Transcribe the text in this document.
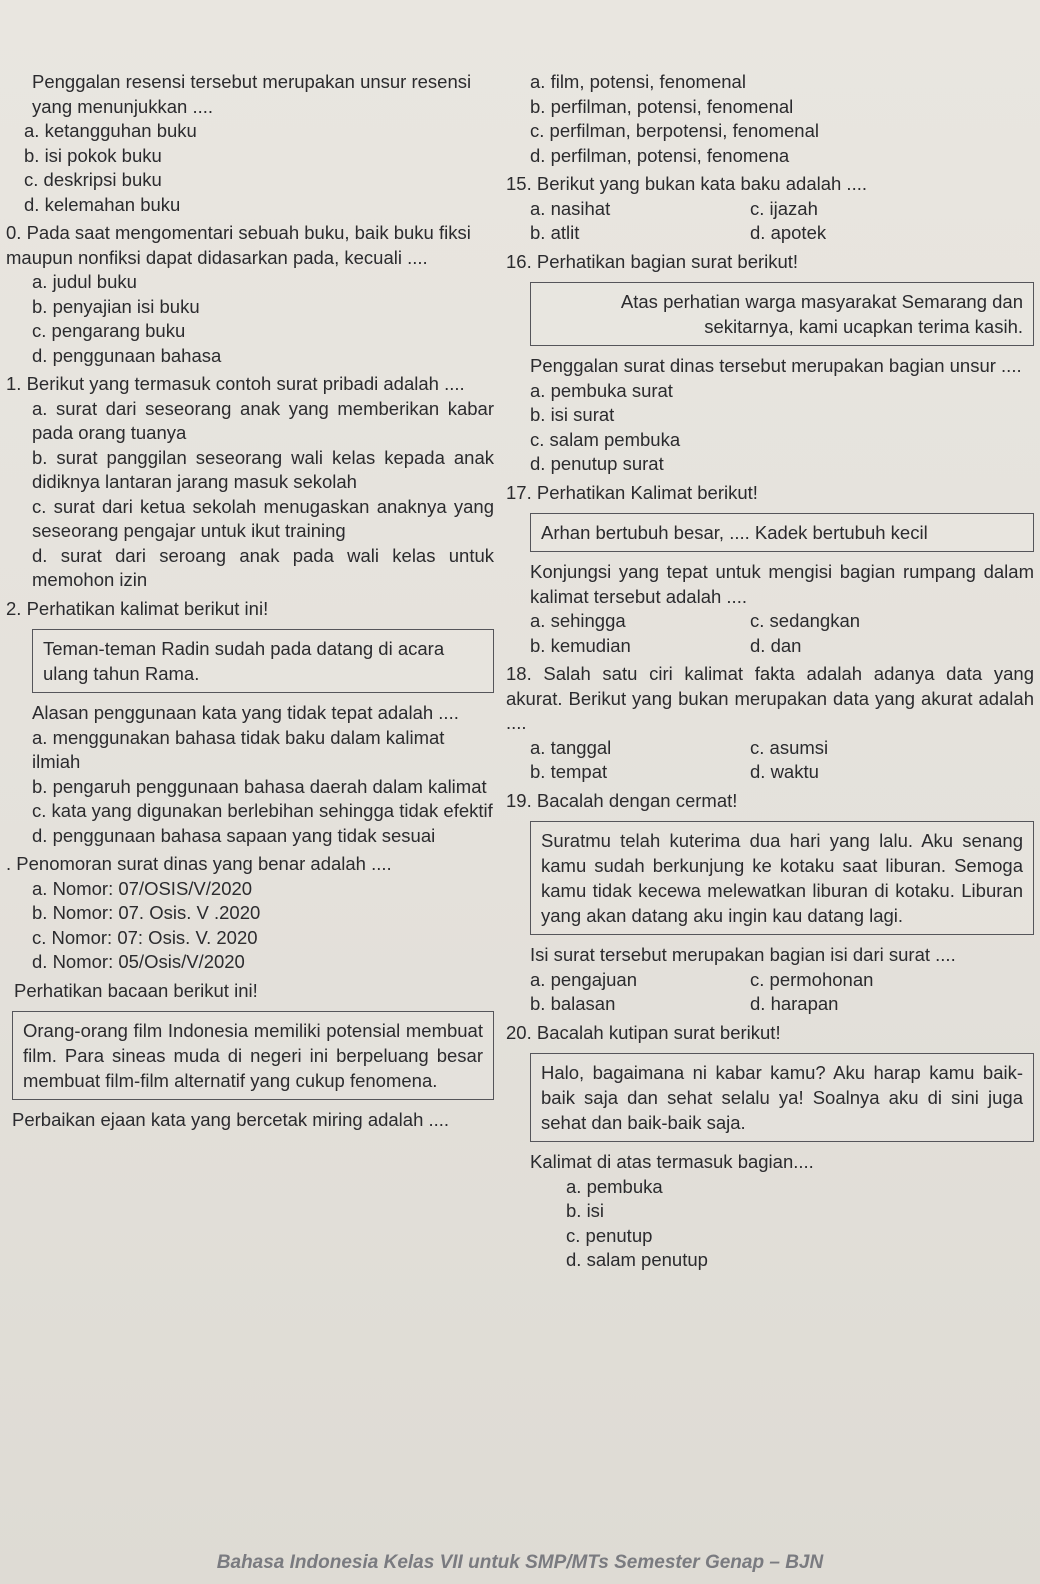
Penggalan resensi tersebut merupakan unsur resensi yang menunjukkan ....

a. ketangguhan buku
b. isi pokok buku
c. deskripsi buku
d. kelemahan buku

0. Pada saat mengomentari sebuah buku, baik buku fiksi maupun nonfiksi dapat didasarkan pada, kecuali ....

a. judul buku
b. penyajian isi buku
c. pengarang buku
d. penggunaan bahasa

1. Berikut yang termasuk contoh surat pribadi adalah ....

a. surat dari seseorang anak yang memberikan kabar pada orang tuanya
b. surat panggilan seseorang wali kelas kepada anak didiknya lantaran jarang masuk sekolah
c. surat dari ketua sekolah menugaskan anaknya yang seseorang pengajar untuk ikut training
d. surat dari seroang anak pada wali kelas untuk memohon izin

2. Perhatikan kalimat berikut ini!

Teman-teman Radin sudah pada datang di acara ulang tahun Rama.

Alasan penggunaan kata yang tidak tepat adalah ....

a. menggunakan bahasa tidak baku dalam kalimat ilmiah
b. pengaruh penggunaan bahasa daerah dalam kalimat
c. kata yang digunakan berlebihan sehingga tidak efektif
d. penggunaan bahasa sapaan yang tidak sesuai

. Penomoran surat dinas yang benar adalah ....

a. Nomor: 07/OSIS/V/2020
b. Nomor: 07. Osis. V .2020
c. Nomor: 07: Osis. V. 2020
d. Nomor: 05/Osis/V/2020

Perhatikan bacaan berikut ini!

Orang-orang film Indonesia memiliki potensial membuat film. Para sineas muda di negeri ini berpeluang besar membuat film-film alternatif yang cukup fenomena.

Perbaikan ejaan kata yang bercetak miring adalah ....

a. film, potensi, fenomenal
b. perfilman, potensi, fenomenal
c. perfilman, berpotensi, fenomenal
d. perfilman, potensi, fenomena

15. Berikut yang bukan kata baku adalah ....

a. nasihat	c. ijazah
b. atlit	d. apotek

16. Perhatikan bagian surat berikut!

Atas perhatian warga masyarakat Semarang dan sekitarnya, kami ucapkan terima kasih.

Penggalan surat dinas tersebut merupakan bagian unsur ....

a. pembuka surat
b. isi surat
c. salam pembuka
d. penutup surat

17. Perhatikan Kalimat berikut!

Arhan bertubuh besar, .... Kadek bertubuh kecil

Konjungsi yang tepat untuk mengisi bagian rumpang dalam kalimat tersebut adalah ....

a. sehingga	c. sedangkan
b. kemudian	d. dan

18. Salah satu ciri kalimat fakta adalah adanya data yang akurat. Berikut yang bukan merupakan data yang akurat adalah ....

a. tanggal	c. asumsi
b. tempat	d. waktu

19. Bacalah dengan cermat!

Suratmu telah kuterima dua hari yang lalu. Aku senang kamu sudah berkunjung ke kotaku saat liburan. Semoga kamu tidak kecewa melewatkan liburan di kotaku. Liburan yang akan datang aku ingin kau datang lagi.

Isi surat tersebut merupakan bagian isi dari surat ....

a. pengajuan	c. permohonan
b. balasan	d. harapan

20. Bacalah kutipan surat berikut!

Halo, bagaimana ni kabar kamu? Aku harap kamu baik-baik saja dan sehat selalu ya! Soalnya aku di sini juga sehat dan baik-baik saja.

Kalimat di atas termasuk bagian....

a. pembuka
b. isi
c. penutup
d. salam penutup
Bahasa Indonesia Kelas VII untuk SMP/MTs Semester Genap – BJN
